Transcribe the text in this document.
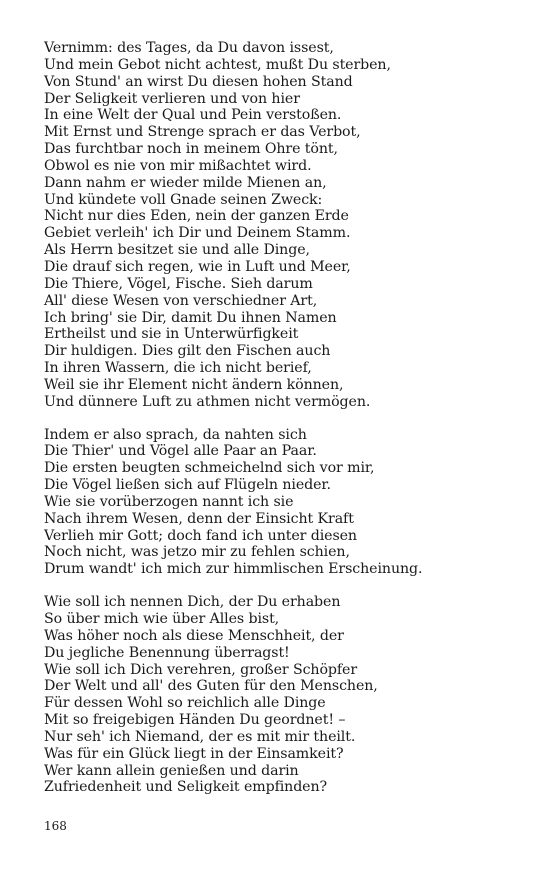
Vernimm: des Tages, da Du davon issest,
Und mein Gebot nicht achtest, mußt Du sterben,
Von Stund' an wirst Du diesen hohen Stand
Der Seligkeit verlieren und von hier
In eine Welt der Qual und Pein verstoßen.
Mit Ernst und Strenge sprach er das Verbot,
Das furchtbar noch in meinem Ohre tönt,
Obwol es nie von mir mißachtet wird.
Dann nahm er wieder milde Mienen an,
Und kündete voll Gnade seinen Zweck:
Nicht nur dies Eden, nein der ganzen Erde
Gebiet verleih' ich Dir und Deinem Stamm.
Als Herrn besitzet sie und alle Dinge,
Die drauf sich regen, wie in Luft und Meer,
Die Thiere, Vögel, Fische. Sieh darum
All' diese Wesen von verschiedner Art,
Ich bring' sie Dir, damit Du ihnen Namen
Ertheilst und sie in Unterwürfigkeit
Dir huldigen. Dies gilt den Fischen auch
In ihren Wassern, die ich nicht berief,
Weil sie ihr Element nicht ändern können,
Und dünnere Luft zu athmen nicht vermögen.
Indem er also sprach, da nahten sich
Die Thier' und Vögel alle Paar an Paar.
Die ersten beugten schmeichelnd sich vor mir,
Die Vögel ließen sich auf Flügeln nieder.
Wie sie vorüberzogen nannt ich sie
Nach ihrem Wesen, denn der Einsicht Kraft
Verlieh mir Gott; doch fand ich unter diesen
Noch nicht, was jetzo mir zu fehlen schien,
Drum wandt' ich mich zur himmlischen Erscheinung.
Wie soll ich nennen Dich, der Du erhaben
So über mich wie über Alles bist,
Was höher noch als diese Menschheit, der
Du jegliche Benennung überragst!
Wie soll ich Dich verehren, großer Schöpfer
Der Welt und all' des Guten für den Menschen,
Für dessen Wohl so reichlich alle Dinge
Mit so freigebigen Händen Du geordnet! –
Nur seh' ich Niemand, der es mit mir theilt.
Was für ein Glück liegt in der Einsamkeit?
Wer kann allein genießen und darin
Zufriedenheit und Seligkeit empfinden?
168
